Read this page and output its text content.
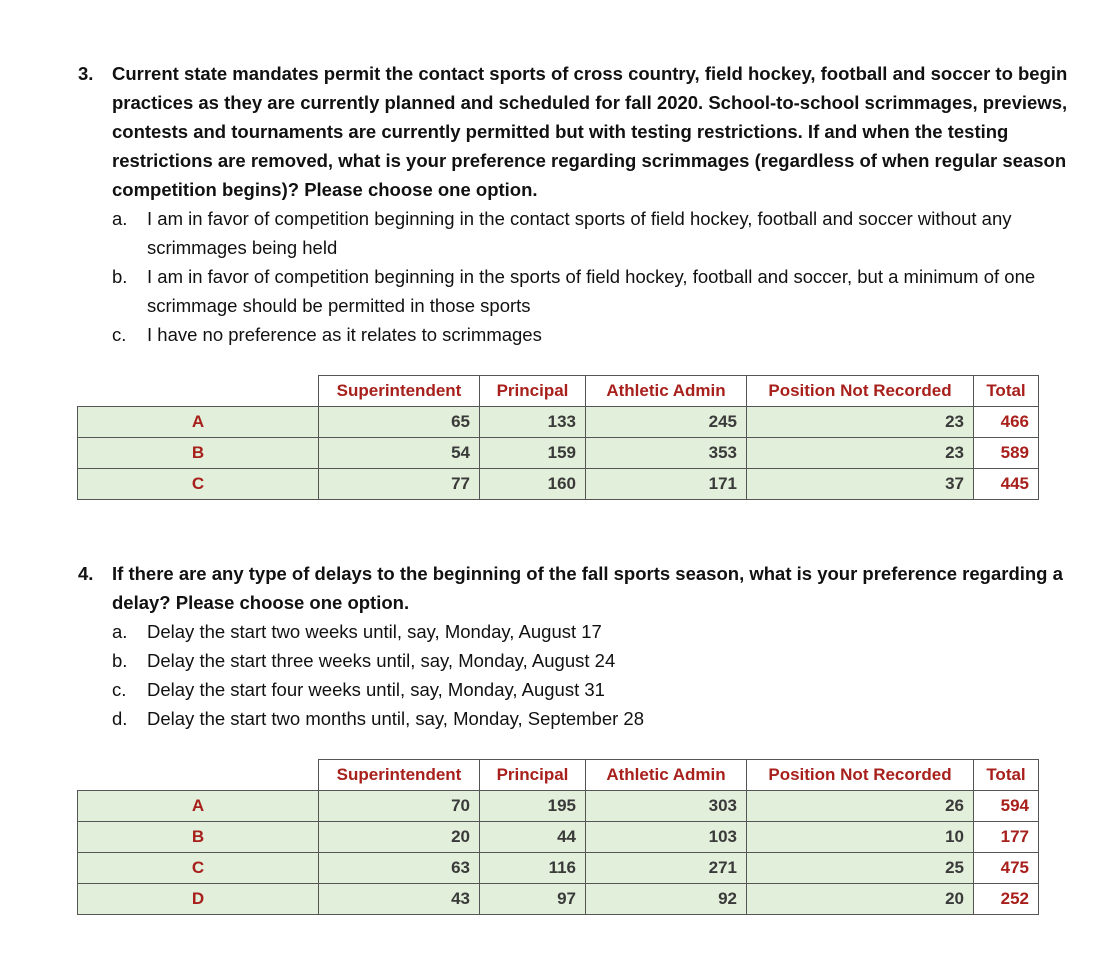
3.	Current state mandates permit the contact sports of cross country, field hockey, football and soccer to begin practices as they are currently planned and scheduled for fall 2020. School-to-school scrimmages, previews, contests and tournaments are currently permitted but with testing restrictions. If and when the testing restrictions are removed, what is your preference regarding scrimmages (regardless of when regular season competition begins)? Please choose one option.
a.	I am in favor of competition beginning in the contact sports of field hockey, football and soccer without any scrimmages being held
b.	I am in favor of competition beginning in the sports of field hockey, football and soccer, but a minimum of one scrimmage should be permitted in those sports
c.	I have no preference as it relates to scrimmages
	Superintendent	Principal	Athletic Admin	Position Not Recorded	Total
A	65	133	245	23	466
B	54	159	353	23	589
C	77	160	171	37	445
4.	If there are any type of delays to the beginning of the fall sports season, what is your preference regarding a delay? Please choose one option.
a.	Delay the start two weeks until, say, Monday, August 17
b.	Delay the start three weeks until, say, Monday, August 24
c.	Delay the start four weeks until, say, Monday, August 31
d.	Delay the start two months until, say, Monday, September 28
	Superintendent	Principal	Athletic Admin	Position Not Recorded	Total
A	70	195	303	26	594
B	20	44	103	10	177
C	63	116	271	25	475
D	43	97	92	20	252
